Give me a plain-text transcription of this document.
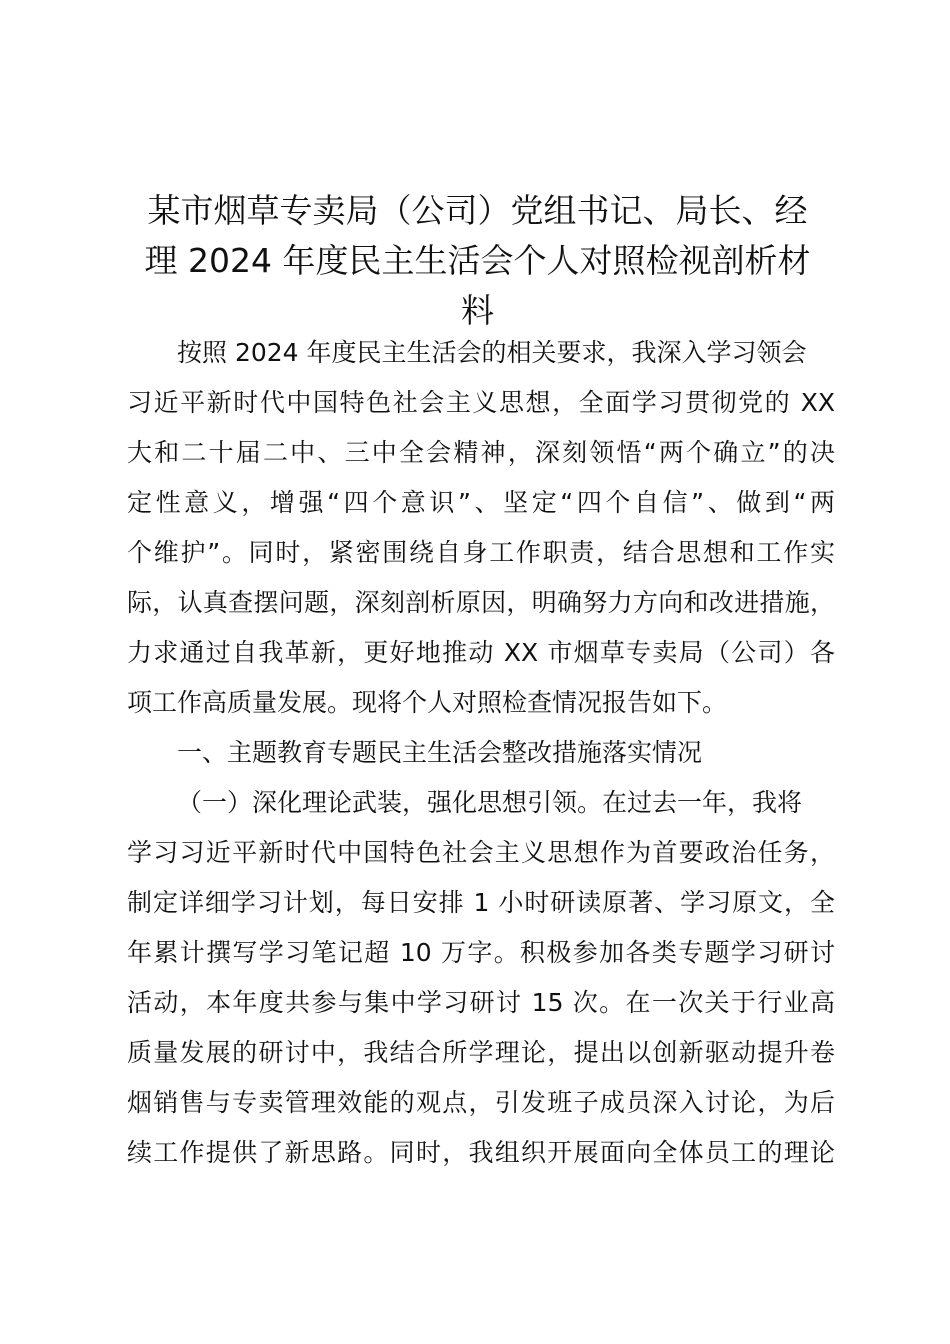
某市烟草专卖局（公司）党组书记、局长、经
理 2024 年度民主生活会个人对照检视剖析材
料
按照 2024 年度民主生活会的相关要求，我深入学习领会
习近平新时代中国特色社会主义思想，全面学习贯彻党的 XX
大和二十届二中、三中全会精神，深刻领悟“两个确立”的决
定性意义，增强“四个意识”、坚定“四个自信”、做到“两
个维护”。同时，紧密围绕自身工作职责，结合思想和工作实
际，认真查摆问题，深刻剖析原因，明确努力方向和改进措施，
力求通过自我革新，更好地推动 XX 市烟草专卖局（公司）各
项工作高质量发展。现将个人对照检查情况报告如下。
一、主题教育专题民主生活会整改措施落实情况
（一）深化理论武装，强化思想引领。在过去一年，我将
学习习近平新时代中国特色社会主义思想作为首要政治任务，
制定详细学习计划，每日安排 1 小时研读原著、学习原文，全
年累计撰写学习笔记超 10 万字。积极参加各类专题学习研讨
活动，本年度共参与集中学习研讨 15 次。在一次关于行业高
质量发展的研讨中，我结合所学理论，提出以创新驱动提升卷
烟销售与专卖管理效能的观点，引发班子成员深入讨论，为后
续工作提供了新思路。同时，我组织开展面向全体员工的理论
